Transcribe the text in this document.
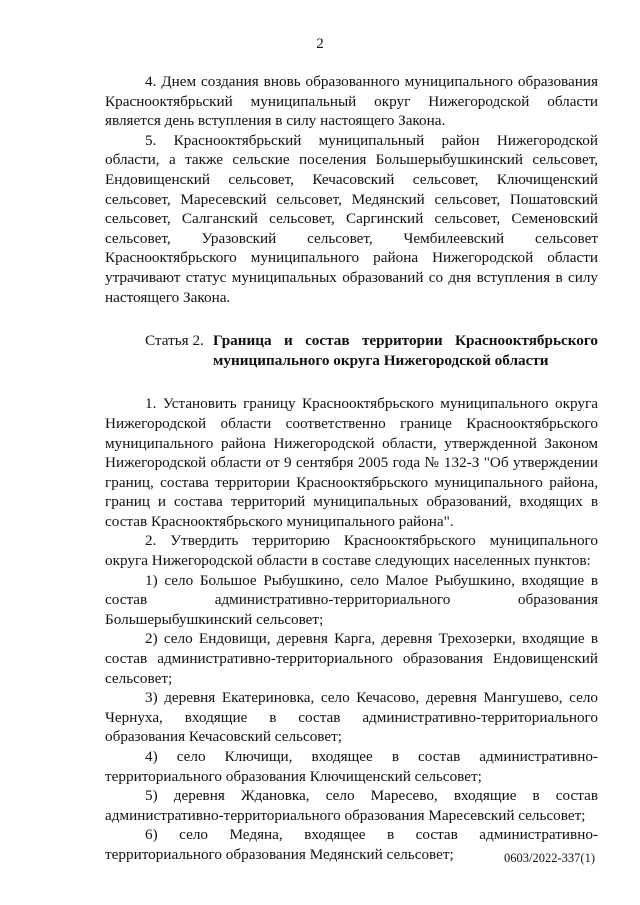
2

4. Днем создания вновь образованного муниципального образования Краснооктябрьский муниципальный округ Нижегородской области является день вступления в силу настоящего Закона.

5. Краснооктябрьский муниципальный район Нижегородской области, а также сельские поселения Большерыбушкинский сельсовет, Ендовищенский сельсовет, Кечасовский сельсовет, Ключищенский сельсовет, Маресевский сельсовет, Медянский сельсовет, Пошатовский сельсовет, Салганский сельсовет, Саргинский сельсовет, Семеновский сельсовет, Уразовский сельсовет, Чембилеевский сельсовет Краснооктябрьского муниципального района Нижегородской области утрачивают статус муниципальных образований со дня вступления в силу настоящего Закона.

Статья 2. Граница и состав территории Краснооктябрьского муниципального округа Нижегородской области

1. Установить границу Краснооктябрьского муниципального округа Нижегородской области соответственно границе Краснооктябрьского муниципального района Нижегородской области, утвержденной Законом Нижегородской области от 9 сентября 2005 года № 132-З "Об утверждении границ, состава территории Краснооктябрьского муниципального района, границ и состава территорий муниципальных образований, входящих в состав Краснооктябрьского муниципального района".

2. Утвердить территорию Краснооктябрьского муниципального округа Нижегородской области в составе следующих населенных пунктов:

1) село Большое Рыбушкино, село Малое Рыбушкино, входящие в состав административно-территориального образования Большерыбушкинский сельсовет;

2) село Ендовищи, деревня Карга, деревня Трехозерки, входящие в состав административно-территориального образования Ендовищенский сельсовет;

3) деревня Екатериновка, село Кечасово, деревня Мангушево, село Чернуха, входящие в состав административно-территориального образования Кечасовский сельсовет;

4) село Ключищи, входящее в состав административно-территориального образования Ключищенский сельсовет;

5) деревня Ждановка, село Маресево, входящие в состав административно-территориального образования Маресевский сельсовет;

6) село Медяна, входящее в состав административно-территориального образования Медянский сельсовет;	0603/2022-337(1)
